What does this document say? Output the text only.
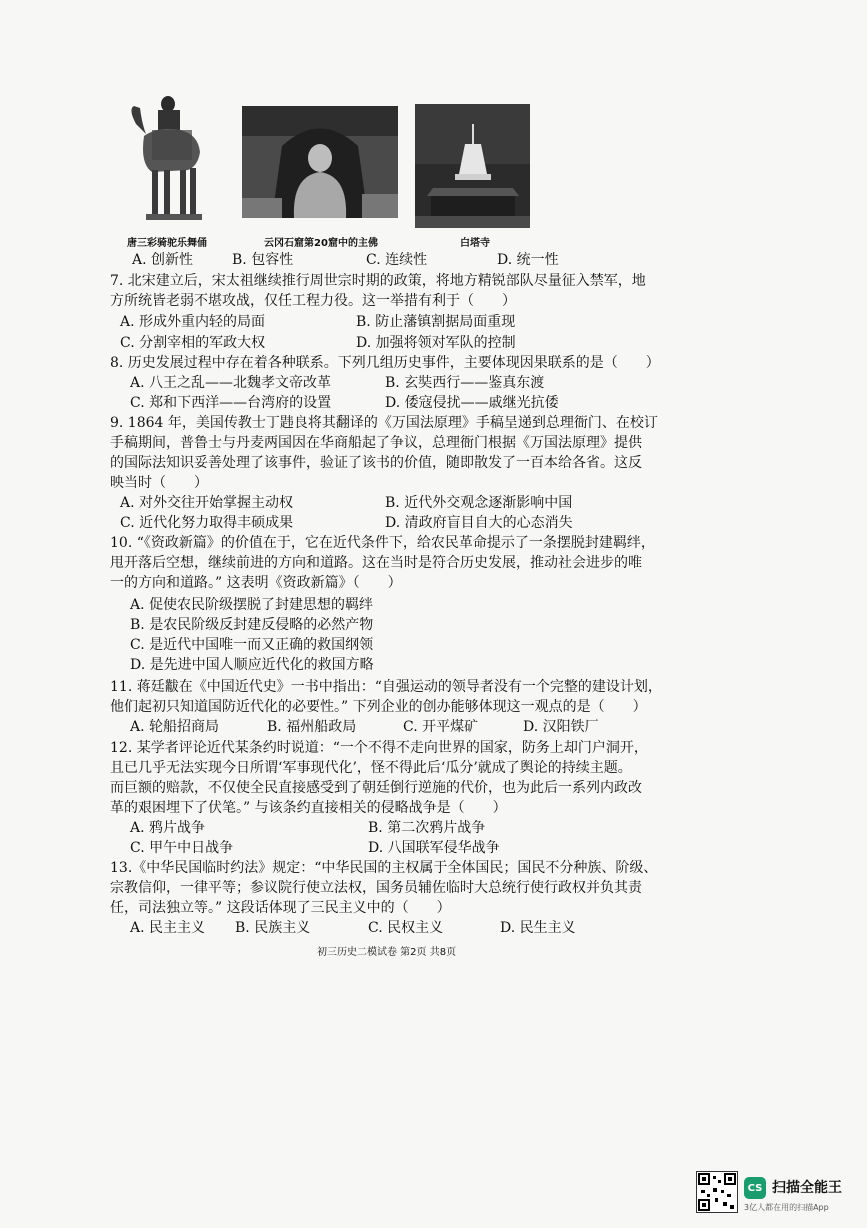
唐三彩骑驼乐舞俑	云冈石窟第20窟中的主佛	白塔寺
A. 创新性	B. 包容性	C. 连续性	D. 统一性
7. 北宋建立后，宋太祖继续推行周世宗时期的政策，将地方精锐部队尽量征入禁军，地
方所统皆老弱不堪攻战，仅任工程力役。这一举措有利于（　　）
A. 形成外重内轻的局面	B. 防止藩镇割据局面重现
C. 分割宰相的军政大权	D. 加强将领对军队的控制
8. 历史发展过程中存在着各种联系。下列几组历史事件，主要体现因果联系的是（　　）
A. 八王之乱——北魏孝文帝改革	B. 玄奘西行——鉴真东渡
C. 郑和下西洋——台湾府的设置	D. 倭寇侵扰——戚继光抗倭
9. 1864 年，美国传教士丁韪良将其翻译的《万国法原理》手稿呈递到总理衙门、在校订
手稿期间，普鲁士与丹麦两国因在华商船起了争议，总理衙门根据《万国法原理》提供
的国际法知识妥善处理了该事件，验证了该书的价值，随即散发了一百本给各省。这反
映当时（　　）
A. 对外交往开始掌握主动权	B. 近代外交观念逐渐影响中国
C. 近代化努力取得丰硕成果	D. 清政府盲目自大的心态消失
10. “《资政新篇》的价值在于，它在近代条件下，给农民革命提示了一条摆脱封建羁绊，
甩开落后空想，继续前进的方向和道路。这在当时是符合历史发展，推动社会进步的唯
一的方向和道路。” 这表明《资政新篇》（　　）
A. 促使农民阶级摆脱了封建思想的羁绊
B. 是农民阶级反封建反侵略的必然产物
C. 是近代中国唯一而又正确的救国纲领
D. 是先进中国人顺应近代化的救国方略
11. 蒋廷黻在《中国近代史》一书中指出：“自强运动的领导者没有一个完整的建设计划，
他们起初只知道国防近代化的必要性。” 下列企业的创办能够体现这一观点的是（　　）
A. 轮船招商局	B. 福州船政局	C. 开平煤矿	D. 汉阳铁厂
12. 某学者评论近代某条约时说道：“一个不得不走向世界的国家，防务上却门户洞开，
且已几乎无法实现今日所谓‘军事现代化’，怪不得此后‘瓜分’就成了舆论的持续主题。
而巨额的赔款，不仅使全民直接感受到了朝廷倒行逆施的代价，也为此后一系列内政改
革的艰困埋下了伏笔。” 与该条约直接相关的侵略战争是（　　）
A. 鸦片战争	B. 第二次鸦片战争
C. 甲午中日战争	D. 八国联军侵华战争
13.《中华民国临时约法》规定：“中华民国的主权属于全体国民；国民不分种族、阶级、
宗教信仰，一律平等；参议院行使立法权，国务员辅佐临时大总统行使行政权并负其责
任，司法独立等。” 这段话体现了三民主义中的（　　）
A. 民主主义 B. 民族主义	C. 民权主义	D. 民生主义
初三历史二模试卷 第2页 共8页
CS 扫描全能王
3亿人都在用的扫描App
